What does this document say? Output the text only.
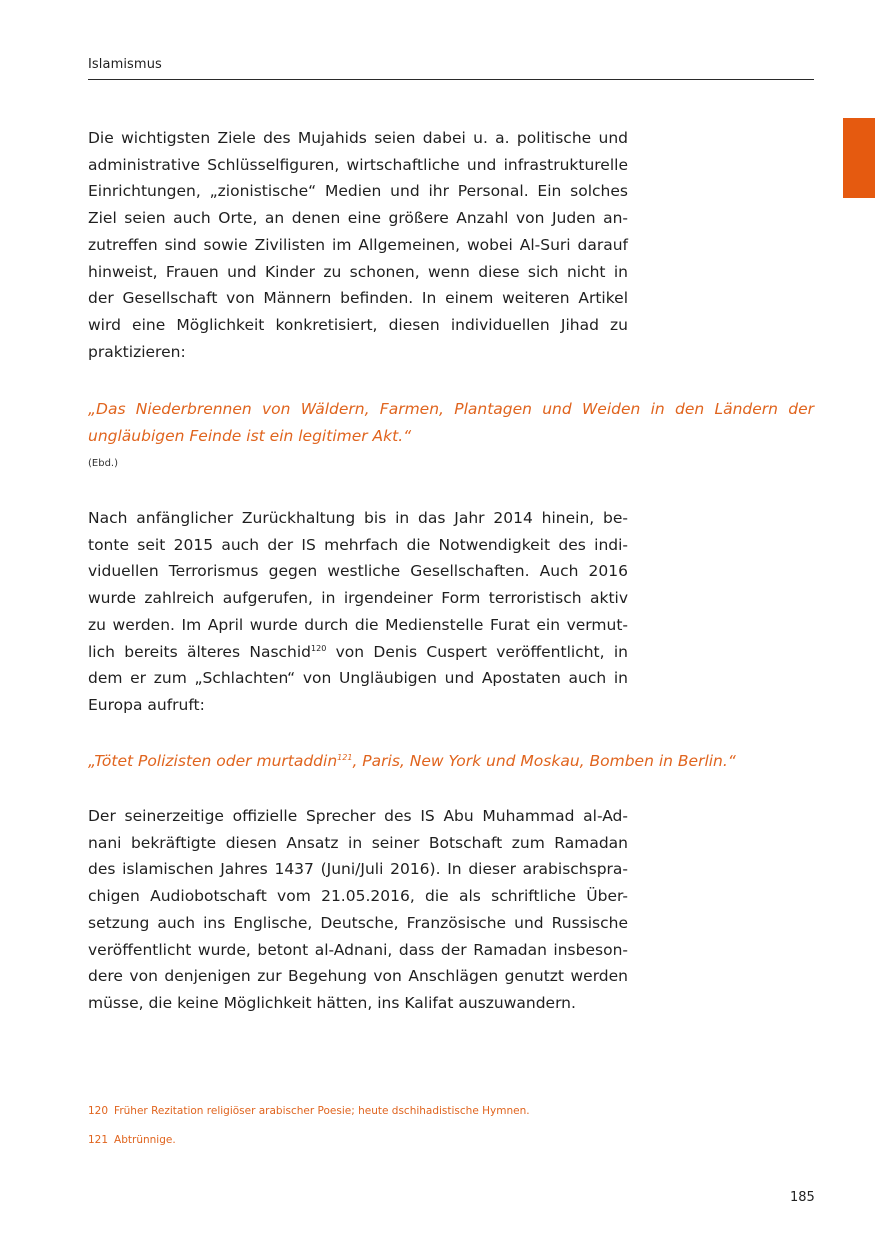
Islamismus

Die wichtigsten Ziele des Mujahids seien dabei u. a. politische und
administrative Schlüsselfiguren, wirtschaftliche und infrastrukturelle
Einrichtungen, „zionistische“ Medien und ihr Personal. Ein solches
Ziel seien auch Orte, an denen eine größere Anzahl von Juden an-
zutreffen sind sowie Zivilisten im Allgemeinen, wobei Al-Suri darauf
hinweist, Frauen und Kinder zu schonen, wenn diese sich nicht in
der Gesellschaft von Männern befinden. In einem weiteren Artikel
wird eine Möglichkeit konkretisiert, diesen individuellen Jihad zu
praktizieren:

„Das Niederbrennen von Wäldern, Farmen, Plantagen und Weiden in den Ländern der
ungläubigen Feinde ist ein legitimer Akt.“

(Ebd.)

Nach anfänglicher Zurückhaltung bis in das Jahr 2014 hinein, be-
tonte seit 2015 auch der IS mehrfach die Notwendigkeit des indi-
viduellen Terrorismus gegen westliche Gesellschaften. Auch 2016
wurde zahlreich aufgerufen, in irgendeiner Form terroristisch aktiv
zu werden. Im April wurde durch die Medienstelle Furat ein vermut-
lich bereits älteres Naschid$^{120}$ von Denis Cuspert veröffentlicht, in
dem er zum „Schlachten“ von Ungläubigen und Apostaten auch in
Europa aufruft:

„Tötet Polizisten oder murtaddin$^{121}$, Paris, New York und Moskau, Bomben in Berlin.“

Der seinerzeitige offizielle Sprecher des IS Abu Muhammad al-Ad-
nani bekräftigte diesen Ansatz in seiner Botschaft zum Ramadan
des islamischen Jahres 1437 (Juni/Juli 2016). In dieser arabischspra-
chigen Audiobotschaft vom 21.05.2016, die als schriftliche Über-
setzung auch ins Englische, Deutsche, Französische und Russische
veröffentlicht wurde, betont al-Adnani, dass der Ramadan insbeson-
dere von denjenigen zur Begehung von Anschlägen genutzt werden
müsse, die keine Möglichkeit hätten, ins Kalifat auszuwandern.

120 Früher Rezitation religiöser arabischer Poesie; heute dschihadistische Hymnen.
121 Abtrünnige.
185
